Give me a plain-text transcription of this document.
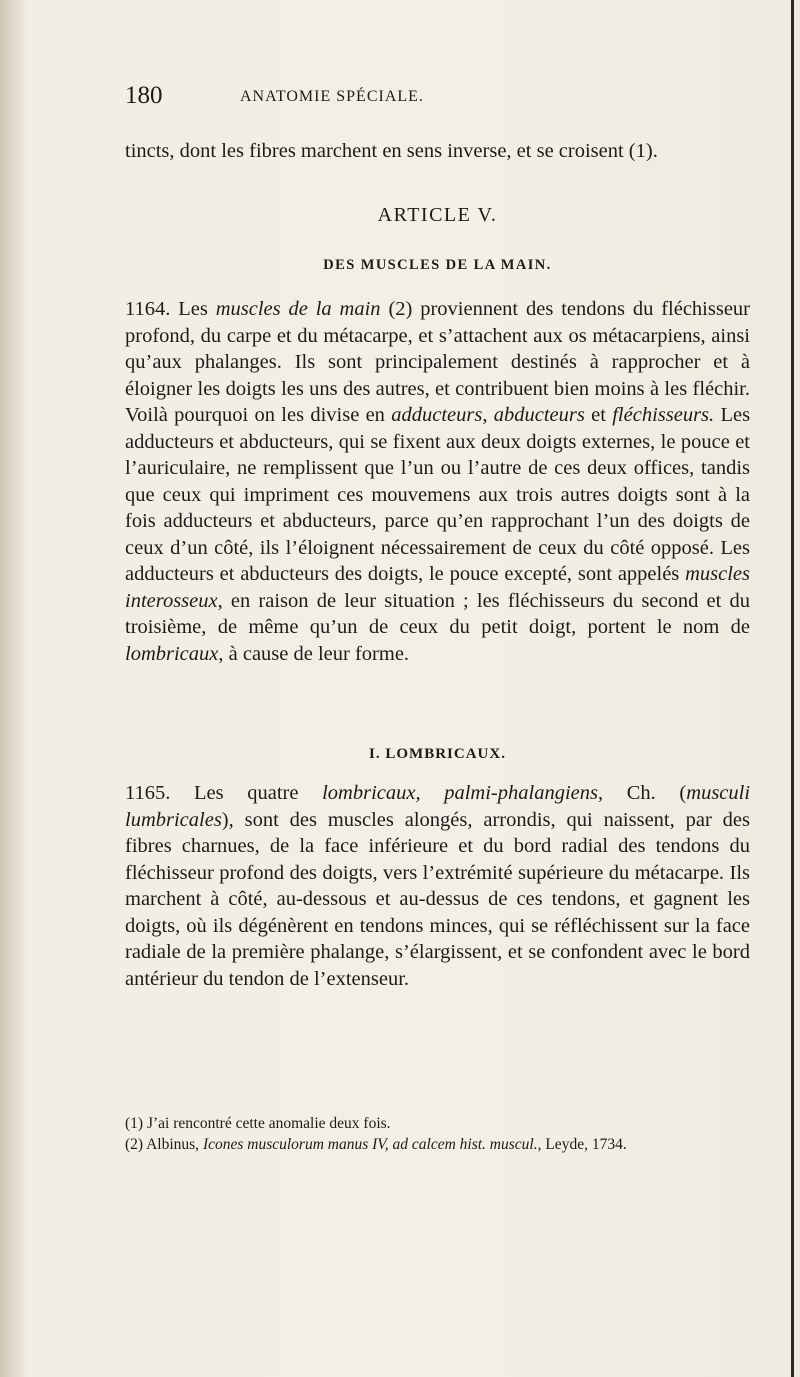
180	ANATOMIE SPÉCIALE.
tincts, dont les fibres marchent en sens inverse, et se croisent (1).
ARTICLE V.
DES MUSCLES DE LA MAIN.
1164. Les muscles de la main (2) proviennent des tendons du fléchisseur profond, du carpe et du métacarpe, et s’attachent aux os métacarpiens, ainsi qu’aux phalanges. Ils sont principalement destinés à rapprocher et à éloigner les doigts les uns des autres, et contribuent bien moins à les fléchir. Voilà pourquoi on les divise en adducteurs, abducteurs et fléchisseurs. Les adducteurs et abducteurs, qui se fixent aux deux doigts externes, le pouce et l’auriculaire, ne remplissent que l’un ou l’autre de ces deux offices, tandis que ceux qui impriment ces mouvemens aux trois autres doigts sont à la fois adducteurs et abducteurs, parce qu’en rapprochant l’un des doigts de ceux d’un côté, ils l’éloignent nécessairement de ceux du côté opposé. Les adducteurs et abducteurs des doigts, le pouce excepté, sont appelés muscles interosseux, en raison de leur situation ; les fléchisseurs du second et du troisième, de même qu’un de ceux du petit doigt, portent le nom de lombricaux, à cause de leur forme.
I. LOMBRICAUX.
1165. Les quatre lombricaux, palmi-phalangiens, Ch. (musculi lumbricales), sont des muscles alongés, arrondis, qui naissent, par des fibres charnues, de la face inférieure et du bord radial des tendons du fléchisseur profond des doigts, vers l’extrémité supérieure du métacarpe. Ils marchent à côté, au-dessous et au-dessus de ces tendons, et gagnent les doigts, où ils dégénèrent en tendons minces, qui se réfléchissent sur la face radiale de la première phalange, s’élargissent, et se confondent avec le bord antérieur du tendon de l’extenseur.
(1) J’ai rencontré cette anomalie deux fois.
(2) Albinus, Icones musculorum manus IV, ad calcem hist. muscul., Leyde, 1734.
